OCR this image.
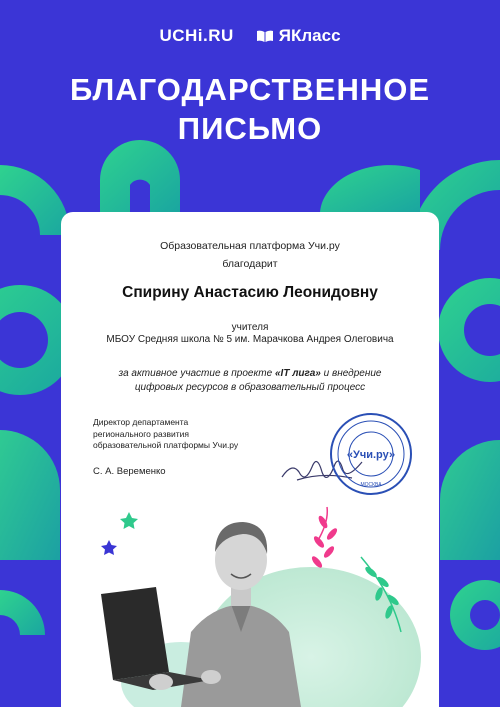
UCHi.RU	ЯКласс
БЛАГОДАРСТВЕННОЕ
ПИСЬМО
Образовательная платформа Учи.ру
благодарит
Спирину Анастасию Леонидовну
учителя
МБОУ Средняя школа № 5 им. Марачкова Андрея Олеговича
за активное участие в проекте «IT лига» и внедрение
цифровых ресурсов в образовательный процесс
Директор департамента
регионального развития
образовательной платформы Учи.ру
С. А. Веременко
«Учи.ру»
МОСКВА
